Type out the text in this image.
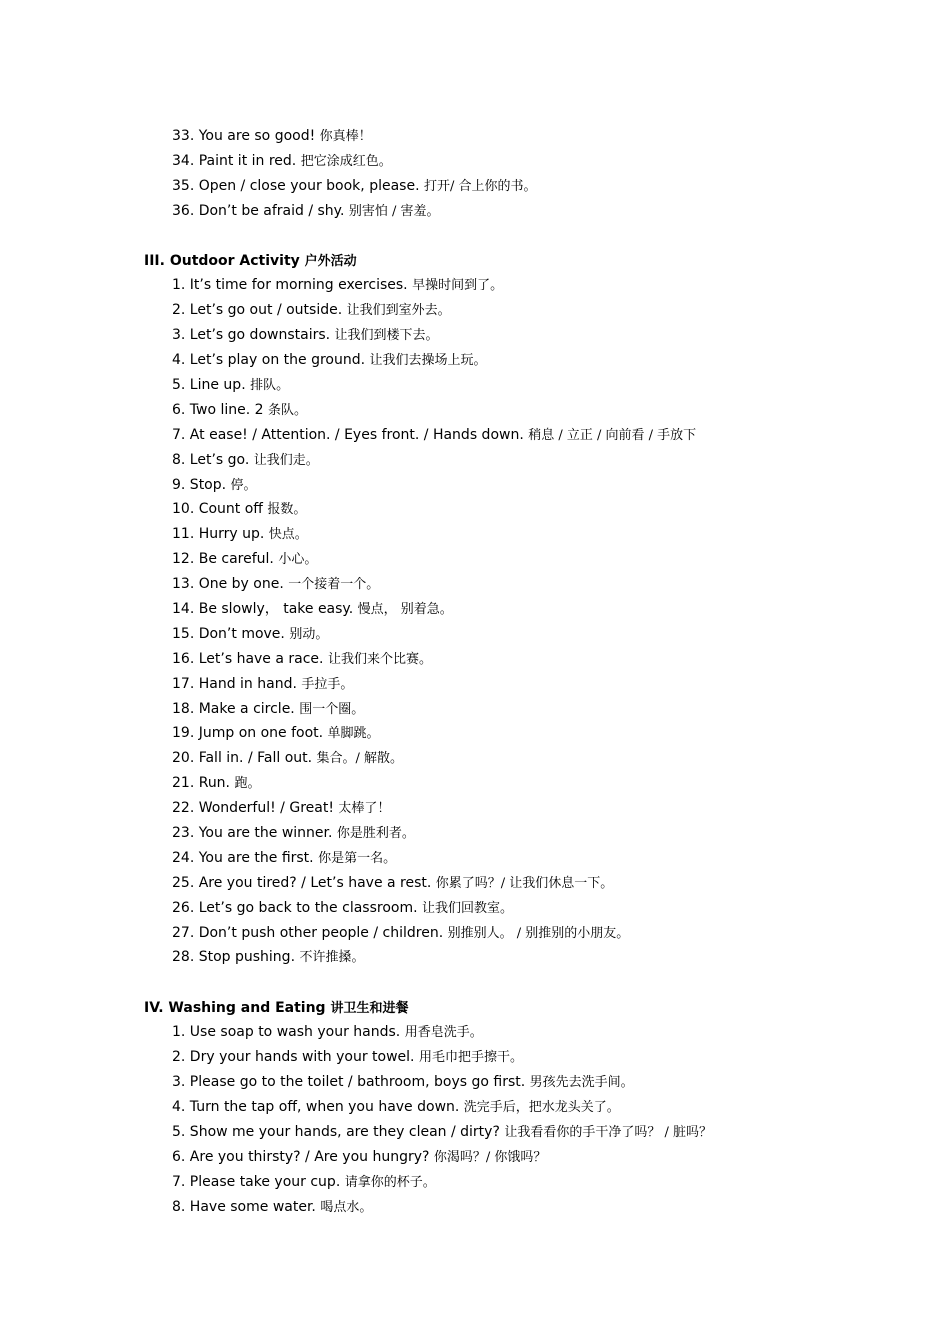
33. You are so good! 你真棒！
34. Paint it in red. 把它涂成红色。
35. Open / close your book, please. 打开/ 合上你的书。
36. Don’t be afraid / shy. 别害怕 / 害羞。
III. Outdoor Activity 户外活动
1. It’s time for morning exercises. 早操时间到了。
2. Let’s go out / outside. 让我们到室外去。
3. Let’s go downstairs. 让我们到楼下去。
4. Let’s play on the ground. 让我们去操场上玩。
5. Line up. 排队。
6. Two line. 2 条队。
7. At ease! / Attention. / Eyes front. / Hands down. 稍息 / 立正 / 向前看 / 手放下
8. Let’s go. 让我们走。
9. Stop. 停。
10. Count off 报数。
11. Hurry up. 快点。
12. Be careful. 小心。
13. One by one. 一个接着一个。
14. Be slowly， take easy. 慢点， 别着急。
15. Don’t move. 别动。
16. Let’s have a race. 让我们来个比赛。
17. Hand in hand. 手拉手。
18. Make a circle. 围一个圈。
19. Jump on one foot. 单脚跳。
20. Fall in. / Fall out. 集合。/ 解散。
21. Run. 跑。
22. Wonderful! / Great! 太棒了！
23. You are the winner. 你是胜利者。
24. You are the first. 你是第一名。
25. Are you tired? / Let’s have a rest. 你累了吗？/ 让我们休息一下。
26. Let’s go back to the classroom. 让我们回教室。
27. Don’t push other people / children. 别推别人。 / 别推别的小朋友。
28. Stop pushing. 不许推搡。
IV. Washing and Eating 讲卫生和进餐
1. Use soap to wash your hands. 用香皂洗手。
2. Dry your hands with your towel. 用毛巾把手擦干。
3. Please go to the toilet / bathroom, boys go first. 男孩先去洗手间。
4. Turn the tap off, when you have down. 洗完手后，把水龙头关了。
5. Show me your hands, are they clean / dirty? 让我看看你的手干净了吗？ / 脏吗？
6. Are you thirsty? / Are you hungry? 你渴吗？/ 你饿吗？
7. Please take your cup. 请拿你的杯子。
8. Have some water. 喝点水。
